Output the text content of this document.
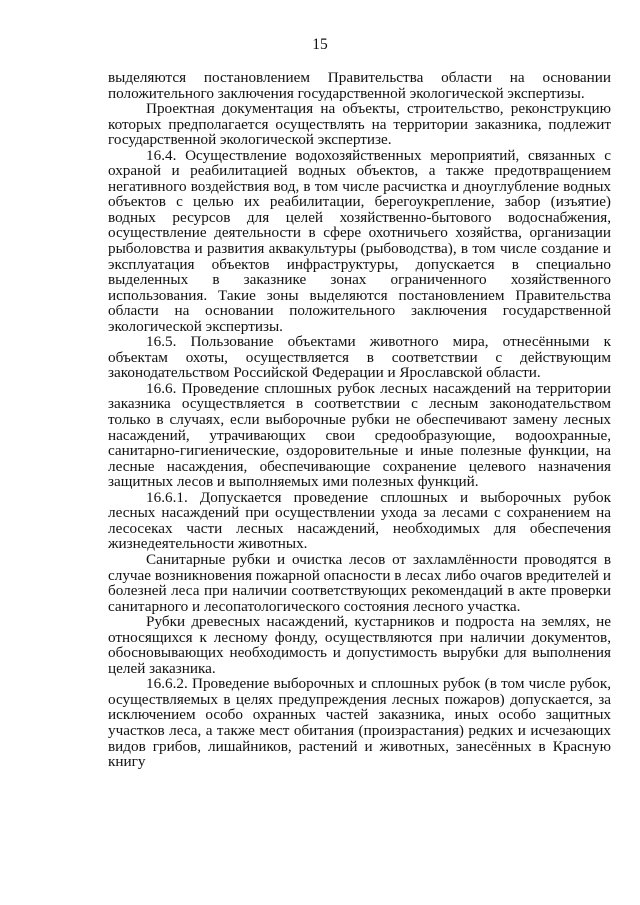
15

выделяются постановлением Правительства области на основании положительного заключения государственной экологической экспертизы.

Проектная документация на объекты, строительство, реконструкцию которых предполагается осуществлять на территории заказника, подлежит государственной экологической экспертизе.

16.4. Осуществление водохозяйственных мероприятий, связанных с охраной и реабилитацией водных объектов, а также предотвращением негативного воздействия вод, в том числе расчистка и дноуглубление водных объектов с целью их реабилитации, берегоукрепление, забор (изъятие) водных ресурсов для целей хозяйственно-бытового водоснабжения, осуществление деятельности в сфере охотничьего хозяйства, организации рыболовства и развития аквакультуры (рыбоводства), в том числе создание и эксплуатация объектов инфраструктуры, допускается в специально выделенных в заказнике зонах ограниченного хозяйственного использования. Такие зоны выделяются постановлением Правительства области на основании положительного заключения государственной экологической экспертизы.

16.5. Пользование объектами животного мира, отнесёнными к объектам охоты, осуществляется в соответствии с действующим законодательством Российской Федерации и Ярославской области.

16.6. Проведение сплошных рубок лесных насаждений на территории заказника осуществляется в соответствии с лесным законодательством только в случаях, если выборочные рубки не обеспечивают замену лесных насаждений, утрачивающих свои средообразующие, водоохранные, санитарно-гигиенические, оздоровительные и иные полезные функции, на лесные насаждения, обеспечивающие сохранение целевого назначения защитных лесов и выполняемых ими полезных функций.

16.6.1. Допускается проведение сплошных и выборочных рубок лесных насаждений при осуществлении ухода за лесами с сохранением на лесосеках части лесных насаждений, необходимых для обеспечения жизнедеятельности животных.

Санитарные рубки и очистка лесов от захламлённости проводятся в случае возникновения пожарной опасности в лесах либо очагов вредителей и болезней леса при наличии соответствующих рекомендаций в акте проверки санитарного и лесопатологического состояния лесного участка.

Рубки древесных насаждений, кустарников и подроста на землях, не относящихся к лесному фонду, осуществляются при наличии документов, обосновывающих необходимость и допустимость вырубки для выполнения целей заказника.

16.6.2. Проведение выборочных и сплошных рубок (в том числе рубок, осуществляемых в целях предупреждения лесных пожаров) допускается, за исключением особо охранных частей заказника, иных особо защитных участков леса, а также мест обитания (произрастания) редких и исчезающих видов грибов, лишайников, растений и животных, занесённых в Красную книгу
